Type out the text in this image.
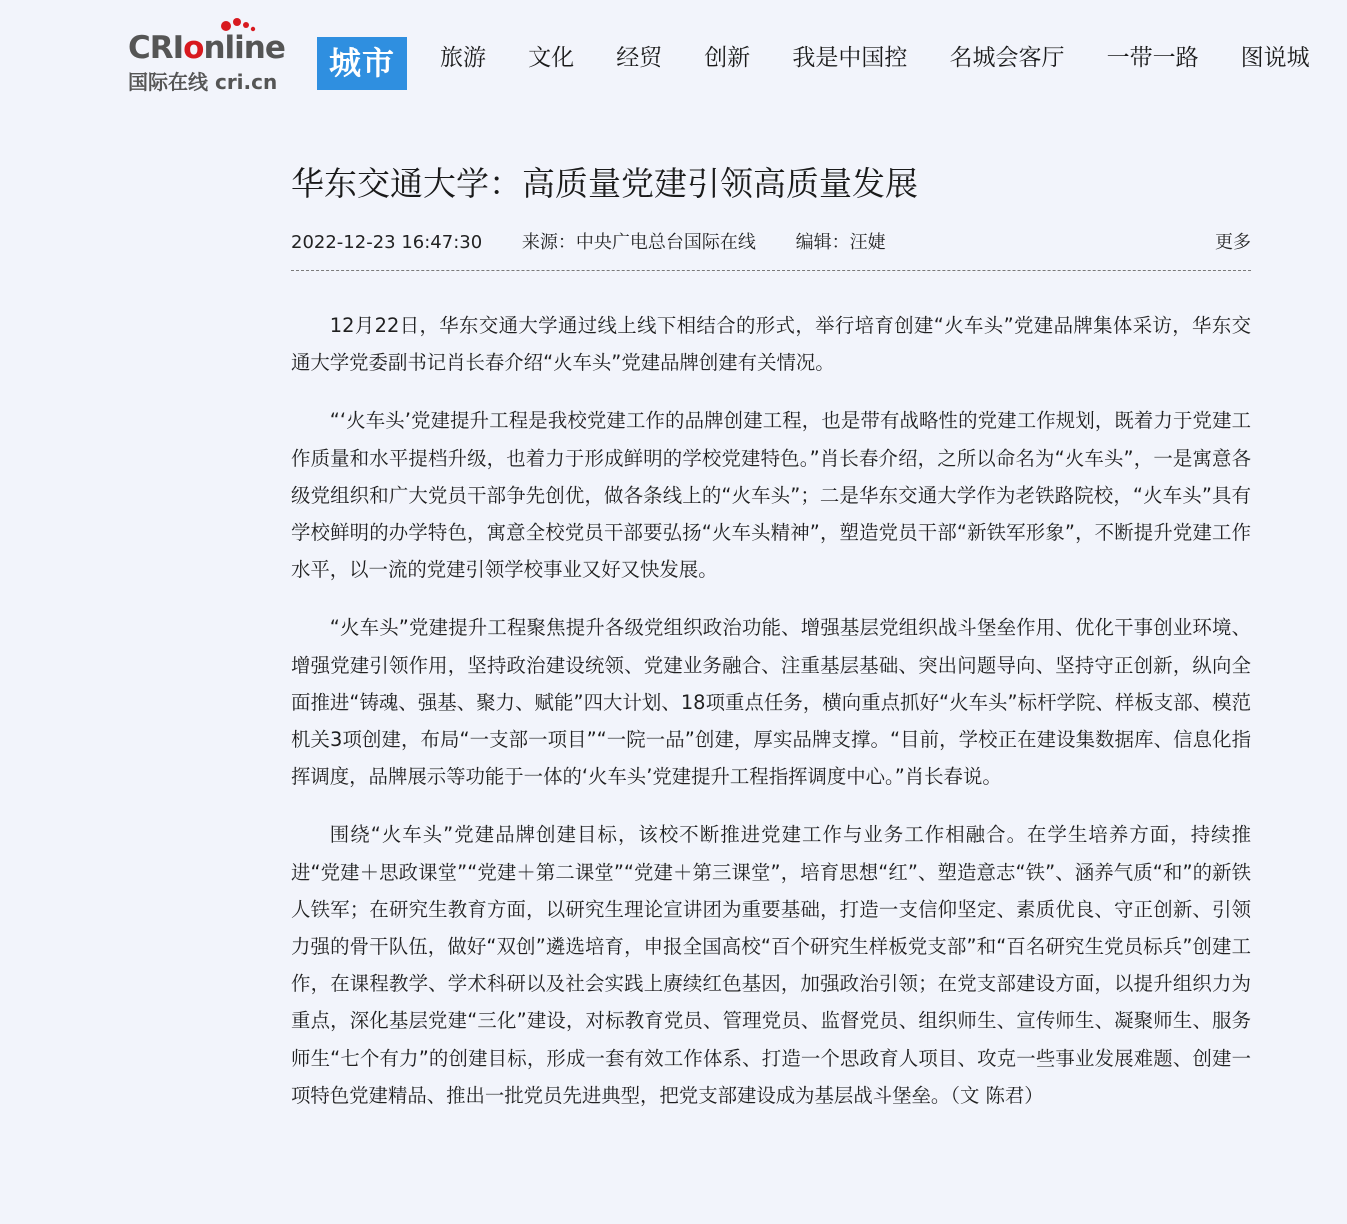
CRIonline
国际在线 cri.cn	城市	旅游 文化 经贸 创新 我是中国控 名城会客厅 一带一路 图说城
华东交通大学：高质量党建引领高质量发展
2022-12-23 16:47:30 来源：中央广电总台国际在线 编辑：汪婕	更多

12月22日，华东交通大学通过线上线下相结合的形式，举行培育创建“火车头”党建品牌集体采访，华东交通大学党委副书记肖长春介绍“火车头”党建品牌创建有关情况。

“‘火车头’党建提升工程是我校党建工作的品牌创建工程，也是带有战略性的党建工作规划，既着力于党建工作质量和水平提档升级，也着力于形成鲜明的学校党建特色。”肖长春介绍，之所以命名为“火车头”，一是寓意各级党组织和广大党员干部争先创优，做各条线上的“火车头”；二是华东交通大学作为老铁路院校，“火车头”具有学校鲜明的办学特色，寓意全校党员干部要弘扬“火车头精神”，塑造党员干部“新铁军形象”，不断提升党建工作水平，以一流的党建引领学校事业又好又快发展。

“火车头”党建提升工程聚焦提升各级党组织政治功能、增强基层党组织战斗堡垒作用、优化干事创业环境、增强党建引领作用，坚持政治建设统领、党建业务融合、注重基层基础、突出问题导向、坚持守正创新，纵向全面推进“铸魂、强基、聚力、赋能”四大计划、18项重点任务，横向重点抓好“火车头”标杆学院、样板支部、模范机关3项创建，布局“一支部一项目”“一院一品”创建，厚实品牌支撑。“目前，学校正在建设集数据库、信息化指挥调度，品牌展示等功能于一体的‘火车头’党建提升工程指挥调度中心。”肖长春说。

围绕“火车头”党建品牌创建目标，该校不断推进党建工作与业务工作相融合。在学生培养方面，持续推进“党建＋思政课堂”“党建＋第二课堂”“党建＋第三课堂”，培育思想“红”、塑造意志“铁”、涵养气质“和”的新铁人铁军；在研究生教育方面，以研究生理论宣讲团为重要基础，打造一支信仰坚定、素质优良、守正创新、引领力强的骨干队伍，做好“双创”遴选培育，申报全国高校“百个研究生样板党支部”和“百名研究生党员标兵”创建工作，在课程教学、学术科研以及社会实践上赓续红色基因，加强政治引领；在党支部建设方面，以提升组织力为重点，深化基层党建“三化”建设，对标教育党员、管理党员、监督党员、组织师生、宣传师生、凝聚师生、服务师生“七个有力”的创建目标，形成一套有效工作体系、打造一个思政育人项目、攻克一些事业发展难题、创建一项特色党建精品、推出一批党员先进典型，把党支部建设成为基层战斗堡垒。（文 陈君）
